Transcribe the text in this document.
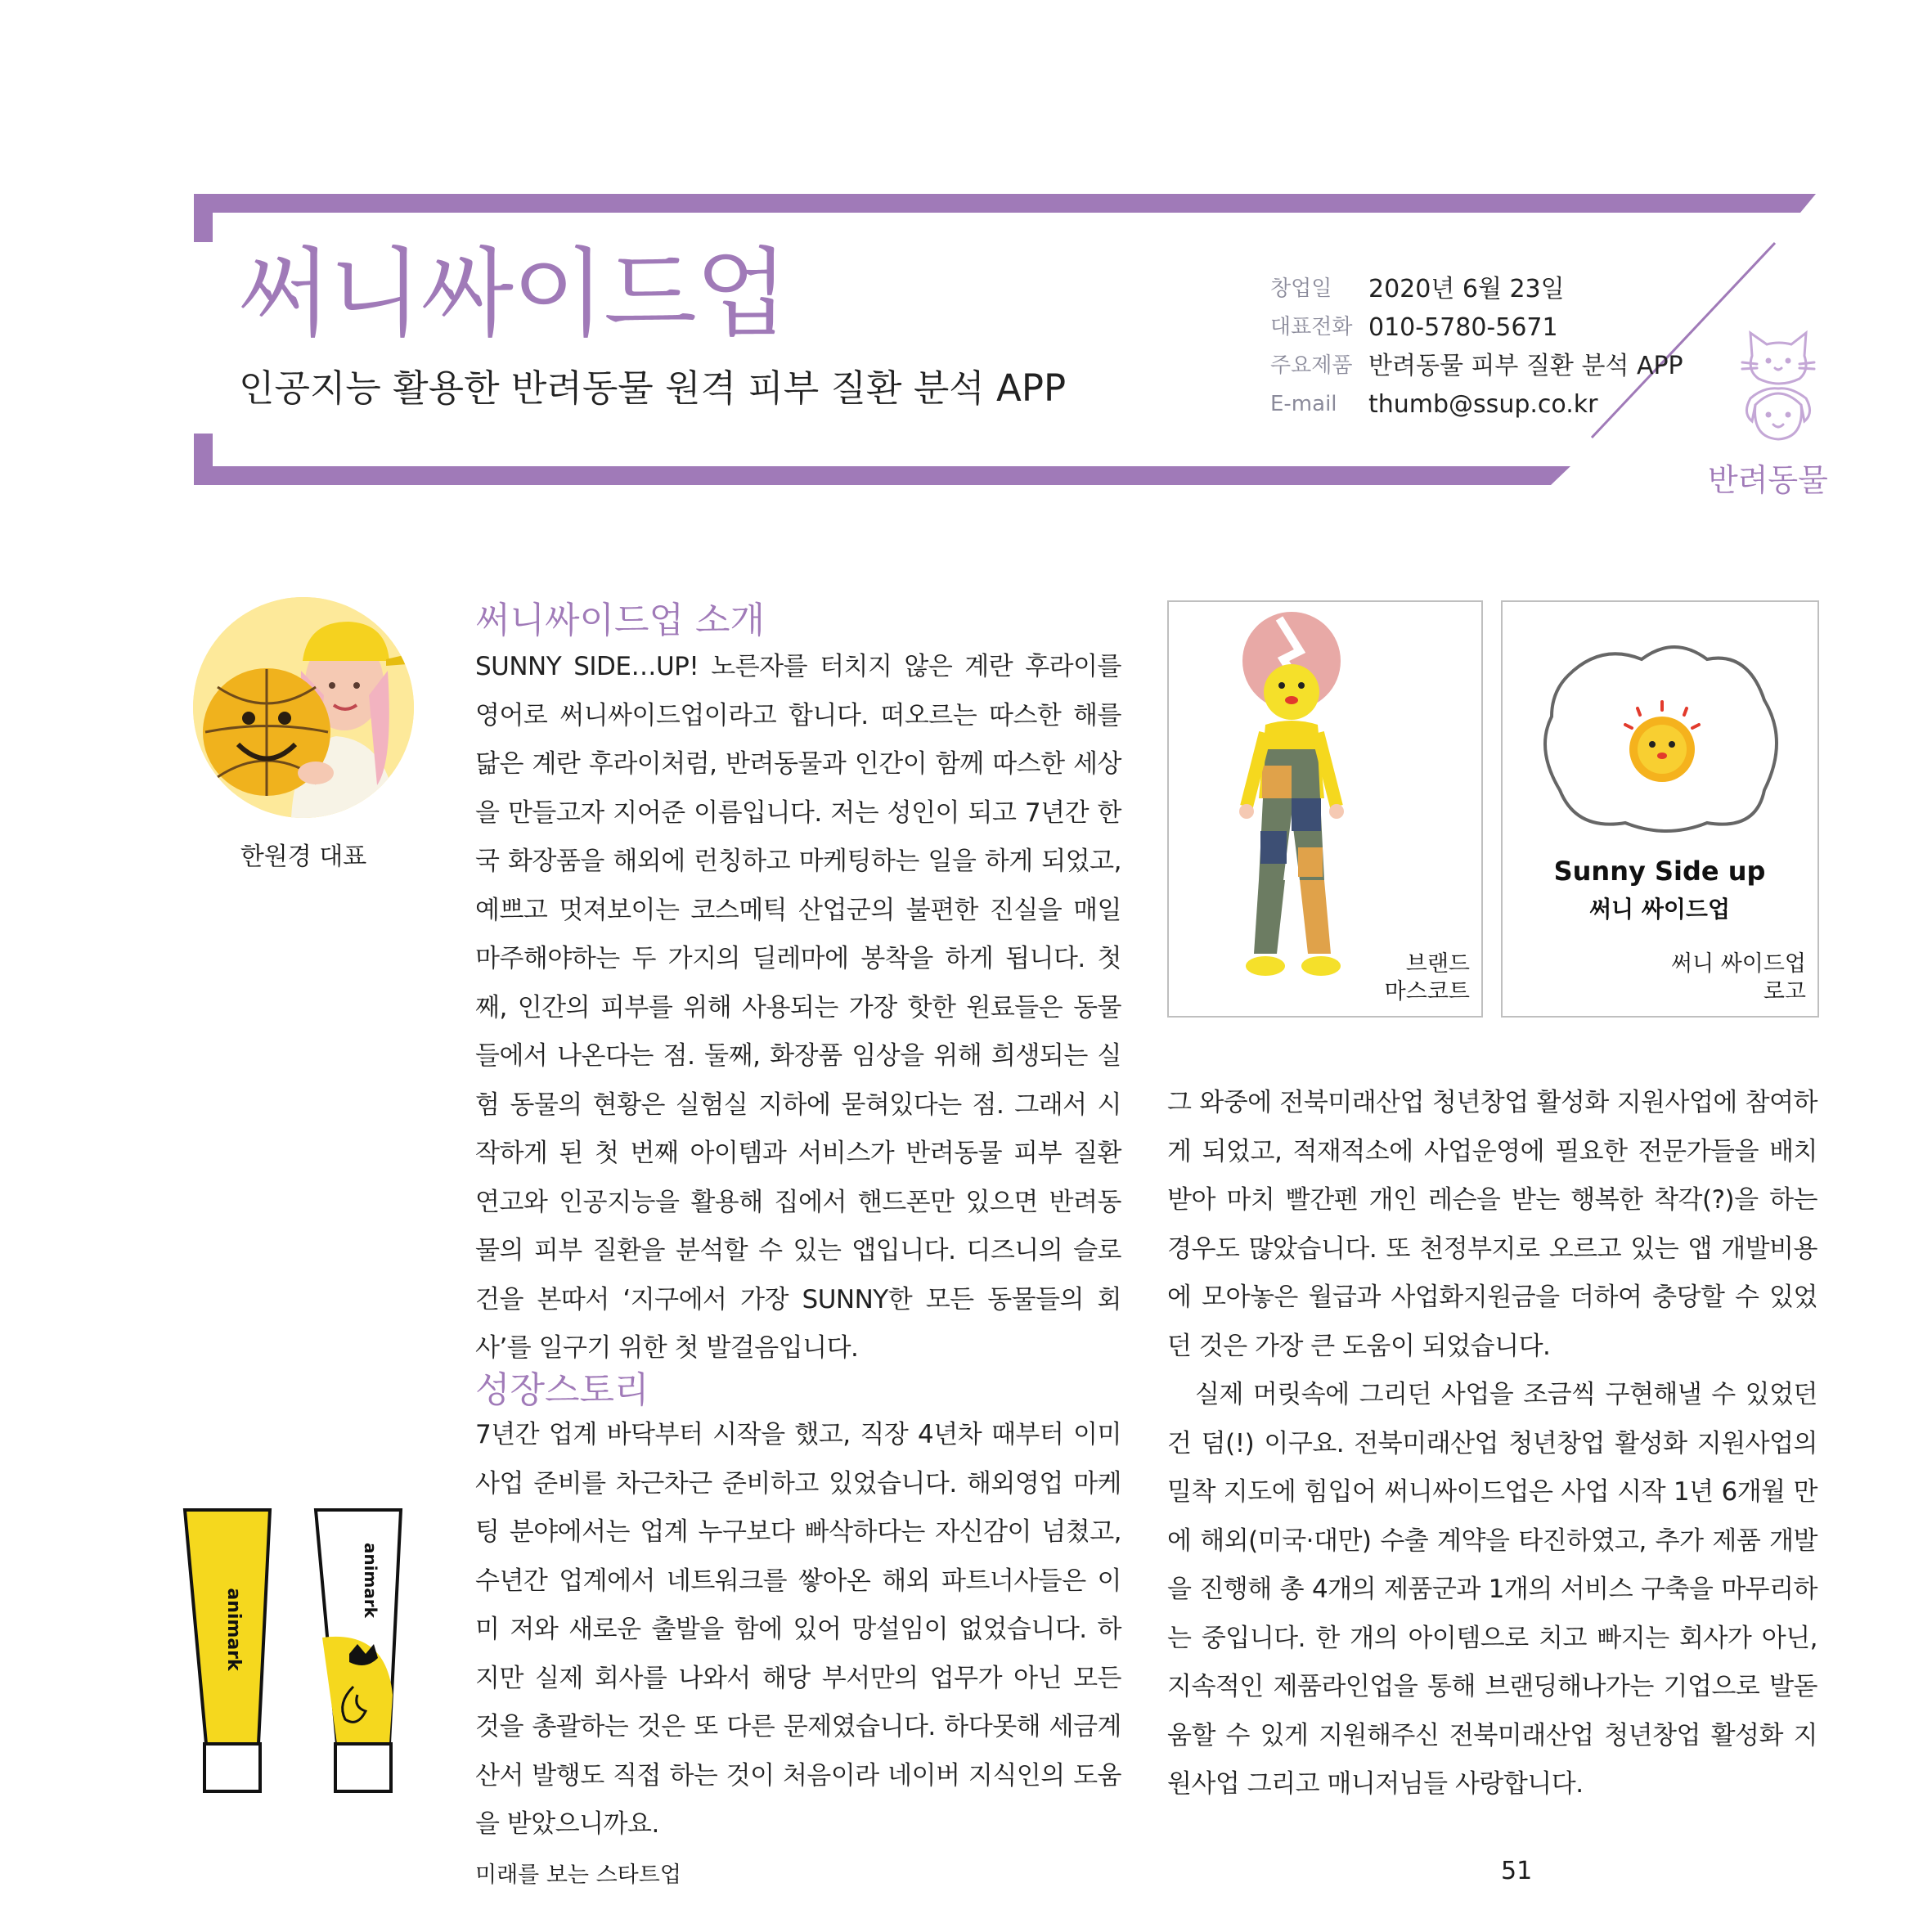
써니싸이드업
인공지능 활용한 반려동물 원격 피부 질환 분석 APP
창업일	2020년 6월 23일
대표전화 010-5780-5671
주요제품 반려동물 피부 질환 분석 APP
E-mail	thumb@ssup.co.kr
반려동물
한원경 대표
써니싸이드업 소개

SUNNY SIDE…UP! 노른자를 터치지 않은 계란 후라이를 영어로 써니싸이드업이라고 합니다. 떠오르는 따스한 해를 닮은 계란 후라이처럼, 반려동물과 인간이 함께 따스한 세상을 만들고자 지어준 이름입니다. 저는 성인이 되고 7년간 한국 화장품을 해외에 런칭하고 마케팅하는 일을 하게 되었고, 예쁘고 멋져보이는 코스메틱 산업군의 불편한 진실을 매일 마주해야하는 두 가지의 딜레마에 봉착을 하게 됩니다. 첫째, 인간의 피부를 위해 사용되는 가장 핫한 원료들은 동물들에서 나온다는 점. 둘째, 화장품 임상을 위해 희생되는 실험 동물의 현황은 실험실 지하에 묻혀있다는 점. 그래서 시작하게 된 첫 번째 아이템과 서비스가 반려동물 피부 질환 연고와 인공지능을 활용해 집에서 핸드폰만 있으면 반려동물의 피부 질환을 분석할 수 있는 앱입니다. 디즈니의 슬로건을 본따서 ‘지구에서 가장 SUNNY한 모든 동물들의 회사’를 일구기 위한 첫 발걸음입니다.

성장스토리

7년간 업계 바닥부터 시작을 했고, 직장 4년차 때부터 이미 사업 준비를 차근차근 준비하고 있었습니다. 해외영업 마케팅 분야에서는 업계 누구보다 빠삭하다는 자신감이 넘쳤고, 수년간 업계에서 네트워크를 쌓아온 해외 파트너사들은 이미 저와 새로운 출발을 함에 있어 망설임이 없었습니다. 하지만 실제 회사를 나와서 해당 부서만의 업무가 아닌 모든 것을 총괄하는 것은 또 다른 문제였습니다. 하다못해 세금계산서 발행도 직접 하는 것이 처음이라 네이버 지식인의 도움을 받았으니까요.

브랜드
마스코트
Sunny Side up
써니 싸이드업
써니 싸이드업
로고

그 와중에 전북미래산업 청년창업 활성화 지원사업에 참여하게 되었고, 적재적소에 사업운영에 필요한 전문가들을 배치받아 마치 빨간펜 개인 레슨을 받는 행복한 착각(?)을 하는 경우도 많았습니다. 또 천정부지로 오르고 있는 앱 개발비용에 모아놓은 월급과 사업화지원금을 더하여 충당할 수 있었던 것은 가장 큰 도움이 되었습니다.

실제 머릿속에 그리던 사업을 조금씩 구현해낼 수 있었던 건 덤(!) 이구요. 전북미래산업 청년창업 활성화 지원사업의 밀착 지도에 힘입어 써니싸이드업은 사업 시작 1년 6개월 만에 해외(미국·대만) 수출 계약을 타진하였고, 추가 제품 개발을 진행해 총 4개의 제품군과 1개의 서비스 구축을 마무리하는 중입니다. 한 개의 아이템으로 치고 빠지는 회사가 아닌, 지속적인 제품라인업을 통해 브랜딩해나가는 기업으로 발돋움할 수 있게 지원해주신 전북미래산업 청년창업 활성화 지원사업 그리고 매니저님들 사랑합니다.

animark
animark
미래를 보는 스타트업	51
